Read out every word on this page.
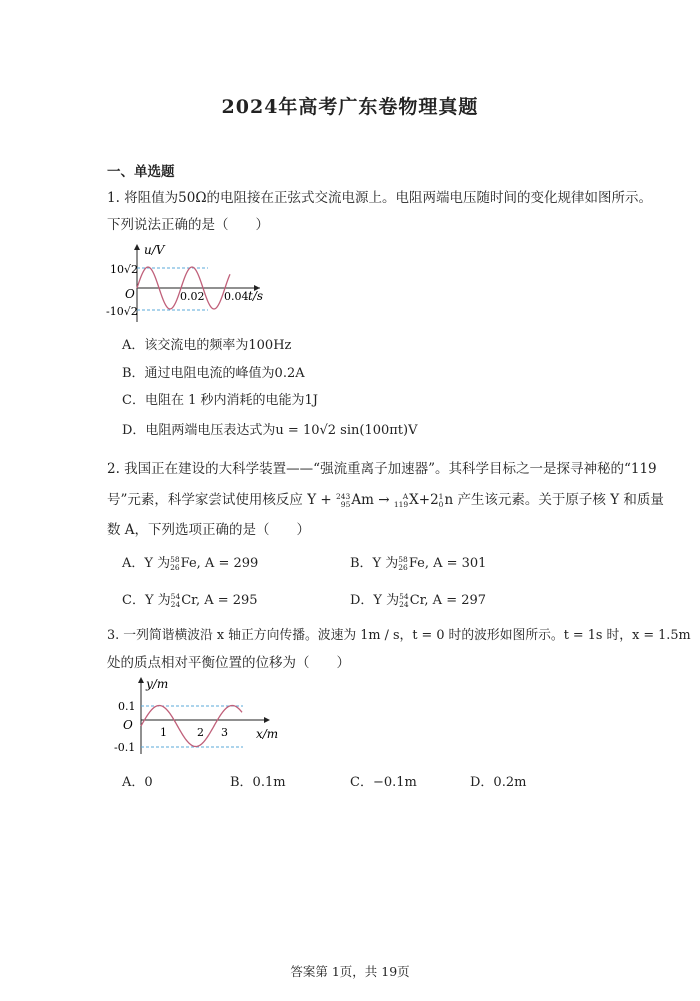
2024年高考广东卷物理真题
一、单选题
1. 将阻值为50Ω的电阻接在正弦式交流电源上。电阻两端电压随时间的变化规律如图所示。
下列说法正确的是（　　）
u/V
O
10√2
-10√2
0.02 0.04 t/s
A．该交流电的频率为100Hz
B．通过电阻电流的峰值为0.2A
C．电阻在 1 秒内消耗的电能为1J
D．电阻两端电压表达式为u = 10√2 sin(100πt)V
2. 我国正在建设的大科学装置——“强流重离子加速器”。其科学目标之一是探寻神秘的“119
号”元素，科学家尝试使用核反应 Y + 243
95 Am →	A
119 X+2 1
0 n 产生该元素。关于原子核 Y 和质量
数 A，下列选项正确的是（　　）
A．Y 为 58
26 Fe, A = 299	B．Y 为 58
26 Fe, A = 301
C．Y 为 54
24 Cr, A = 295	D．Y 为 54
24 Cr, A = 297
3. 一列简谐横波沿 x 轴正方向传播。波速为 1m / s，t = 0 时的波形如图所示。t = 1s 时，x = 1.5m
处的质点相对平衡位置的位移为（　　）
y/m
O
0.1
-0.1
1	2 3 x/m
A．0	B．0.1m	C．−0.1m	D．0.2m
答案第 1页，共 19页
